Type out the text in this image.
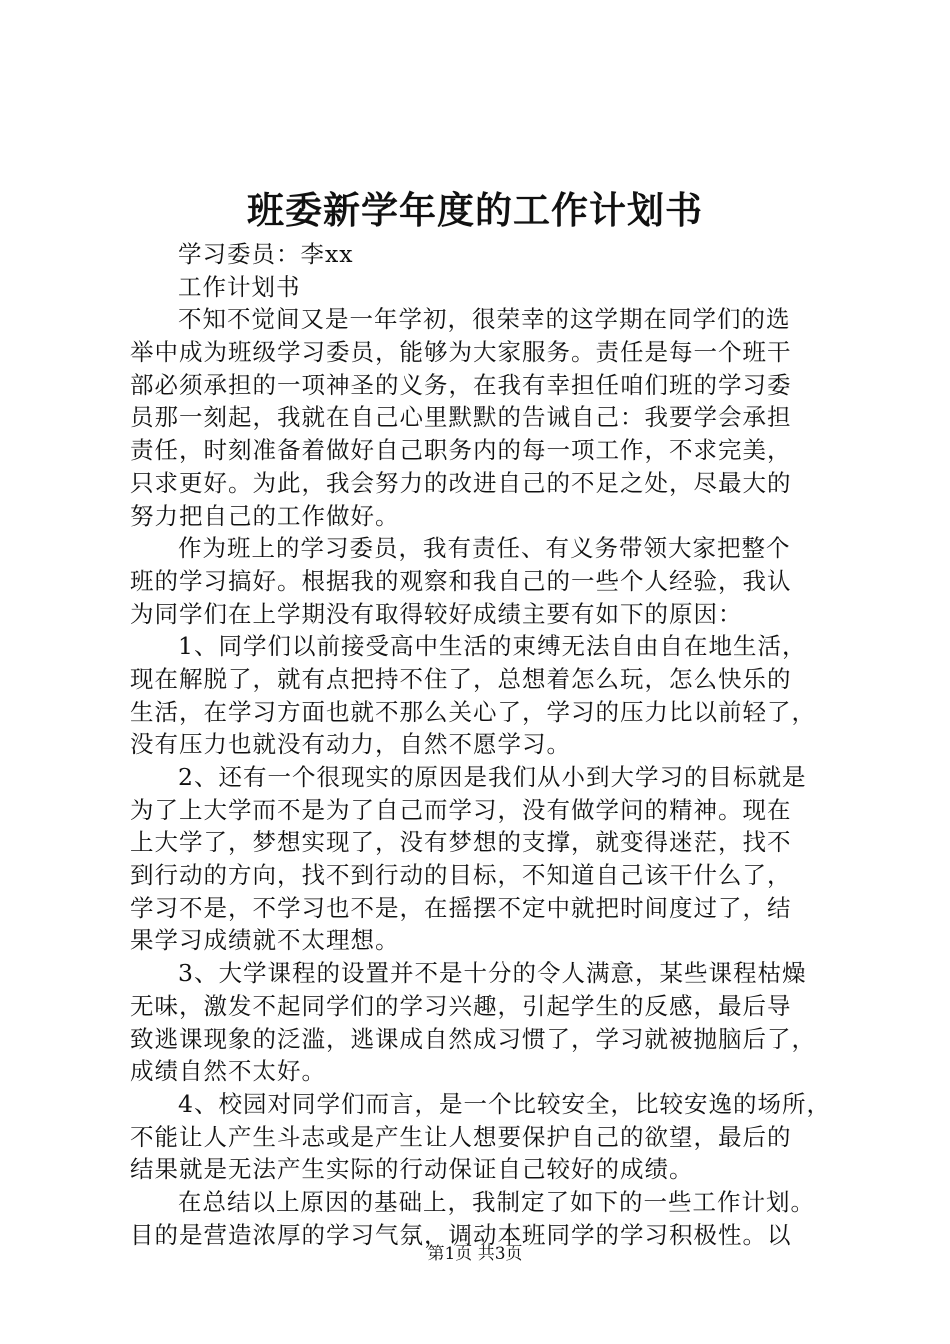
班委新学年度的工作计划书
学习委员：李xx
工作计划书
不知不觉间又是一年学初，很荣幸的这学期在同学们的选
举中成为班级学习委员，能够为大家服务。责任是每一个班干
部必须承担的一项神圣的义务，在我有幸担任咱们班的学习委
员那一刻起，我就在自己心里默默的告诫自己：我要学会承担
责任，时刻准备着做好自己职务内的每一项工作，不求完美，
只求更好。为此，我会努力的改进自己的不足之处，尽最大的
努力把自己的工作做好。
作为班上的学习委员，我有责任、有义务带领大家把整个
班的学习搞好。根据我的观察和我自己的一些个人经验，我认
为同学们在上学期没有取得较好成绩主要有如下的原因：
1、同学们以前接受高中生活的束缚无法自由自在地生活，
现在解脱了，就有点把持不住了，总想着怎么玩，怎么快乐的
生活，在学习方面也就不那么关心了，学习的压力比以前轻了，
没有压力也就没有动力，自然不愿学习。
2、还有一个很现实的原因是我们从小到大学习的目标就是
为了上大学而不是为了自己而学习，没有做学问的精神。现在
上大学了，梦想实现了，没有梦想的支撑，就变得迷茫，找不
到行动的方向，找不到行动的目标，不知道自己该干什么了，
学习不是，不学习也不是，在摇摆不定中就把时间度过了，结
果学习成绩就不太理想。
3、大学课程的设置并不是十分的令人满意，某些课程枯燥
无味，激发不起同学们的学习兴趣，引起学生的反感，最后导
致逃课现象的泛滥，逃课成自然成习惯了，学习就被抛脑后了，
成绩自然不太好。
4、校园对同学们而言，是一个比较安全，比较安逸的场所，
不能让人产生斗志或是产生让人想要保护自己的欲望，最后的
结果就是无法产生实际的行动保证自己较好的成绩。
在总结以上原因的基础上，我制定了如下的一些工作计划。
目的是营造浓厚的学习气氛，调动本班同学的学习积极性。以
第1页 共3页
